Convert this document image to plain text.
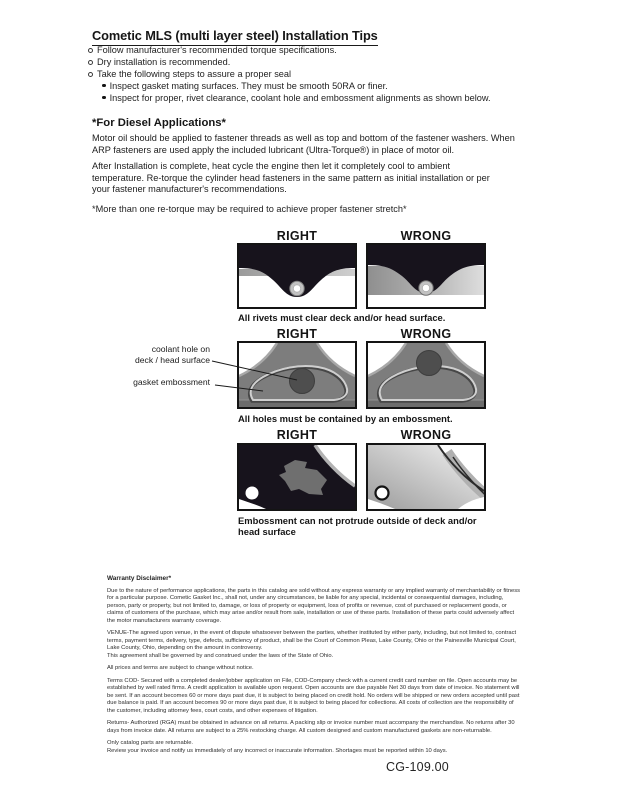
Cometic MLS (multi layer steel) Installation Tips
Follow manufacturer's recommended torque specifications.
Dry installation is recommended.
Take the following steps to assure a proper seal
Inspect gasket mating surfaces. They must be smooth 50RA or finer.
Inspect for proper, rivet clearance, coolant hole and embossment alignments as shown below.
*For Diesel Applications*
Motor oil should be applied to fastener threads as well as top and bottom of the fastener washers. When ARP fasteners are used apply the included lubricant (Ultra-Torque®) in place of motor oil.
After Installation is complete, heat cycle the engine then let it completely cool to ambient temperature. Re-torque the cylinder head fasteners in the same pattern as initial installation or per your fastener manufacturer's recommendations.
*More than one re-torque may be required to achieve proper fastener stretch*
RIGHT	WRONG
All rivets must clear deck and/or head surface.
RIGHT	WRONG
coolant hole on
deck / head surface
gasket embossment
All holes must be contained by an embossment.
RIGHT	WRONG
Embossment can not protrude outside of deck and/or head surface
Warranty Disclaimer*

Due to the nature of performance applications, the parts in this catalog are sold without any express warranty or any implied warranty of merchantability or fitness for a particular purpose. Cometic Gasket Inc., shall not, under any circumstances, be liable for any special, incidental or consequential damages, including, person, party or property, but not limited to, damage, or loss of property or equipment, loss of profits or revenue, cost of purchased or replacement goods, or claims of customers of the purchase, which may arise and/or result from sale, installation or use of these parts. Installation of these parts could adversely affect the motor manufacturers warranty coverage.

VENUE-The agreed upon venue, in the event of dispute whatsoever between the parties, whether instituted by either party, including, but not limited to, contract terms, payment terms, delivery, type, defects, sufficiency of product, shall be the Court of Common Pleas, Lake County, Ohio or the Painesville Municipal Court, Lake County, Ohio, depending on the amount in controversy.

This agreement shall be governed by and construed under the laws of the State of Ohio.

All prices and terms are subject to change without notice.

Terms COD- Secured with a completed dealer/jobber application on File, COD-Company check with a current credit card number on file. Open accounts may be established by well rated firms. A credit application is available upon request. Open accounts are due payable Net 30 days from date of invoice. No statement will be sent. If an account becomes 60 or more days past due, it is subject to being placed on credit hold. No orders will be shipped or new orders accepted until past due balance is paid. If an account becomes 90 or more days past due, it is subject to being placed for collections. All costs of collection are the responsibility of the customer, including attorney fees, court costs, and other expenses of litigation.

Returns- Authorized (RGA) must be obtained in advance on all returns. A packing slip or invoice number must accompany the merchandise. No returns after 30 days from invoice date. All returns are subject to a 25% restocking charge. All custom designed and custom manufactured gaskets are non-returnable.

Only catalog parts are returnable.

Review your invoice and notify us immediately of any incorrect or inaccurate information. Shortages must be reported within 10 days.

CG-109.00
